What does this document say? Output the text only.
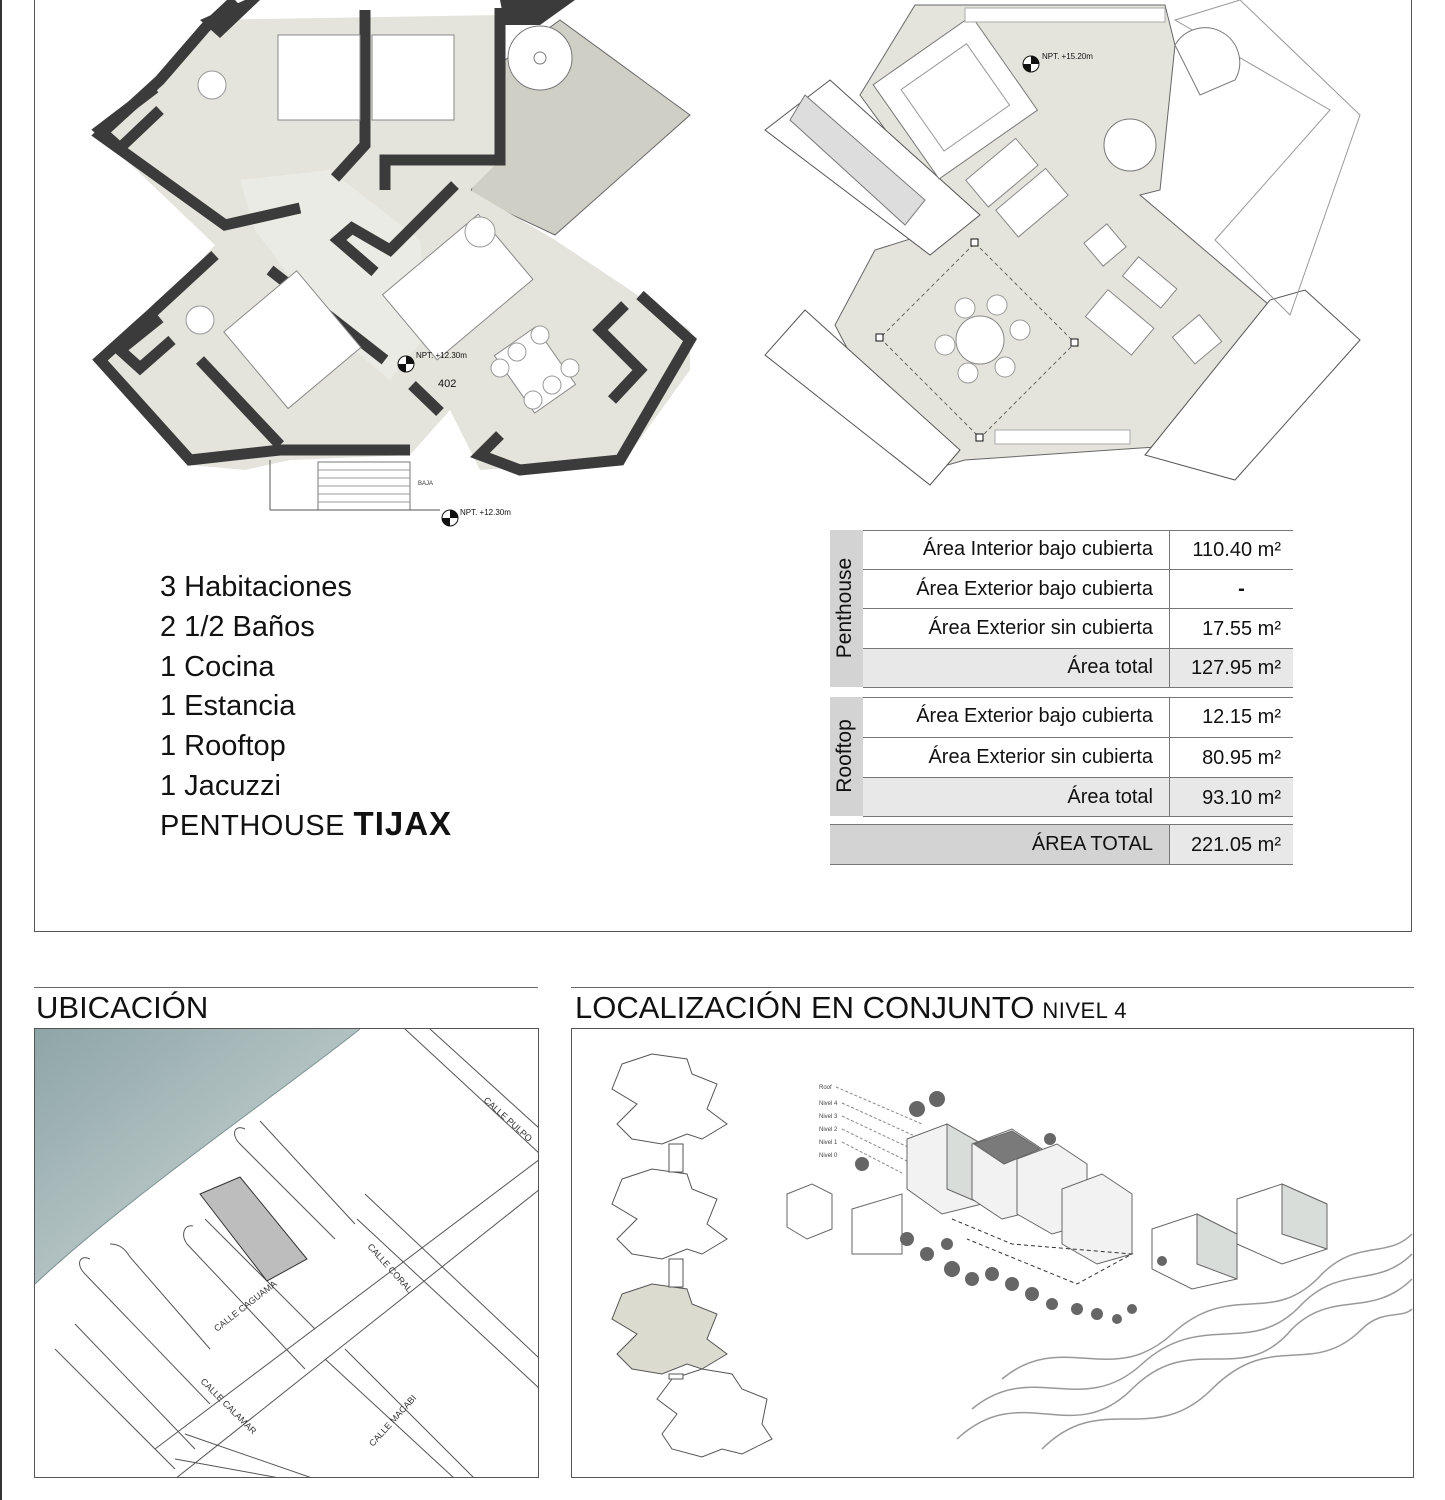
BAJA
NPT. +12.30m
402
NPT. +12.30m
NPT. +15.20m
3 Habitaciones
2 1/2 Baños
1 Cocina
1 Estancia
1 Rooftop
1 Jacuzzi
PENTHOUSE TIJAX
Penthouse
Área Interior bajo cubierta	110.40 m²
Área Exterior bajo cubierta	-
Área Exterior sin cubierta	17.55 m²
Área total	127.95 m²
Rooftop
Área Exterior bajo cubierta	12.15 m²
Área Exterior sin cubierta	80.95 m²
Área total	93.10 m²
ÁREA TOTAL	221.05 m²
UBICACIÓN
CALLE PULPO
CALLE CORAL
CALLE CAGUAMA
CALLE CALAMAR	CALLE MACABI
LOCALIZACIÓN EN CONJUNTO NIVEL 4
Roof
Nivel 4
Nivel 3
Nivel 2
Nivel 1
Nivel 0
